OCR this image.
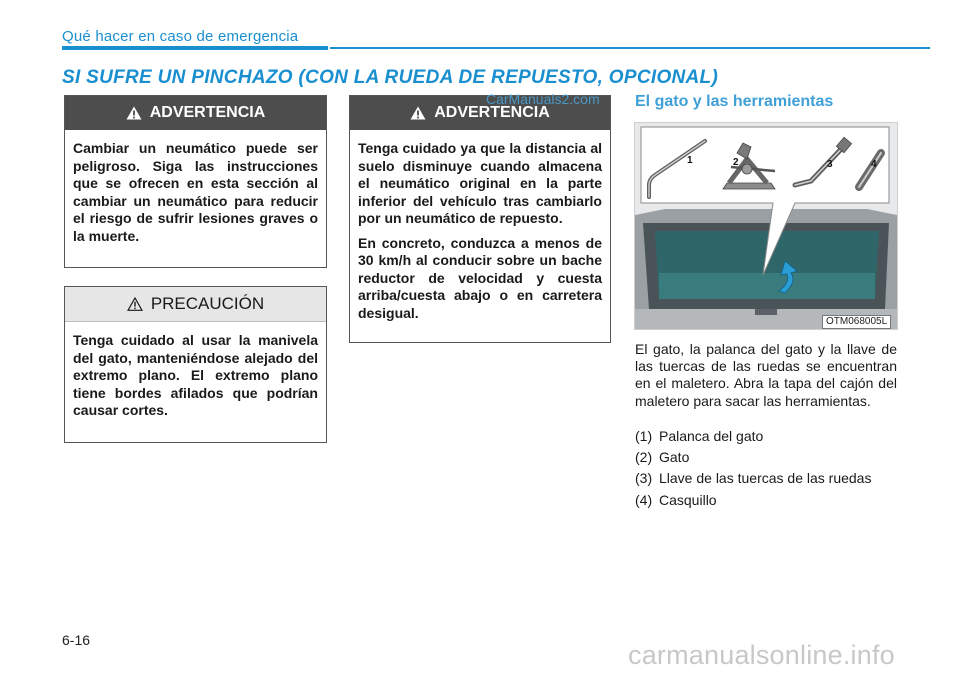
Qué hacer en caso de emergencia
SI SUFRE UN PINCHAZO (CON LA RUEDA DE REPUESTO, OPCIONAL)
ADVERTENCIA

Cambiar un neumático puede ser peligroso. Siga las instrucciones que se ofrecen en esta sección al cambiar un neumático para reducir el riesgo de sufrir lesiones graves o la muerte.

PRECAUCIÓN

Tenga cuidado al usar la manivela del gato, manteniéndose alejado del extremo plano. El extremo plano tiene bordes afilados que podrían causar cortes.

ADVERTENCIA

Tenga cuidado ya que la distancia al suelo disminuye cuando almacena el neumático original en la parte inferior del vehículo tras cambiarlo por un neumático de repuesto.

En concreto, conduzca a menos de 30 km/h al conducir sobre un bache reductor de velocidad y cuesta arriba/cuesta abajo o en carretera desigual.

CarManuals2.com El gato y las herramientas
1	2	3	4
OTM068005L
El gato, la palanca del gato y la llave de las tuercas de las ruedas se encuentran en el maletero. Abra la tapa del cajón del maletero para sacar las herramientas.
(1) Palanca del gato
(2) Gato
(3) Llave de las tuercas de las ruedas
(4) Casquillo
6-16	carmanualsonline.info
